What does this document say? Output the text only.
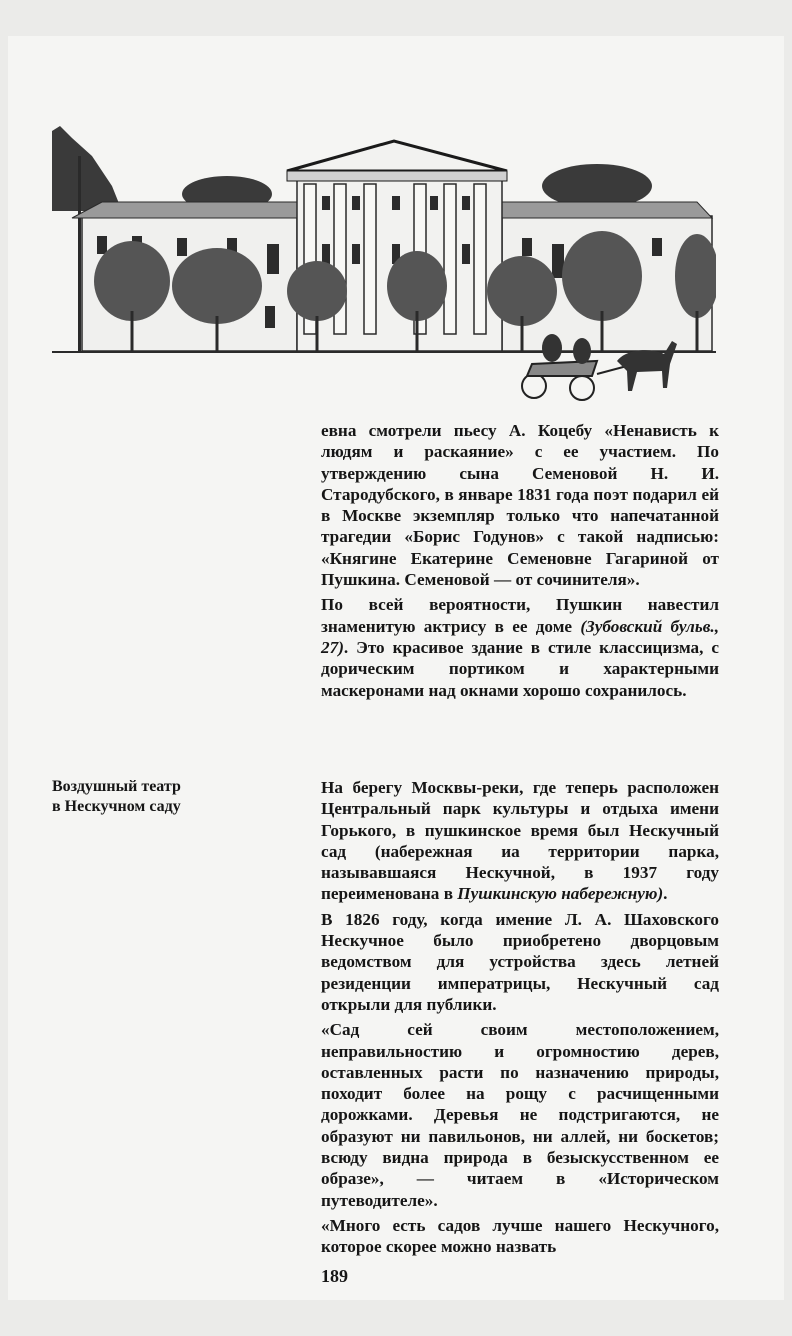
евна смотрели пьесу А. Коцебу «Ненависть к людям и раскаяние» с ее участием. По утверждению сына Семеновой Н. И. Стародубского, в январе 1831 года поэт подарил ей в Москве экземпляр только что напечатанной трагедии «Борис Годунов» с такой надписью: «Княгине Екатерине Семеновне Гагариной от Пушкина. Семеновой — от сочинителя».

По всей вероятности, Пушкин навестил знаменитую актрису в ее доме (Зубовский бульв., 27). Это красивое здание в стиле классицизма, с дорическим портиком и характерными маскеронами над окнами хорошо сохранилось.

Воздушный театр
в Нескучном саду

На берегу Москвы-реки, где теперь расположен Центральный парк культуры и отдыха имени Горького, в пушкинское время был Нескучный сад (набережная иа территории парка, называвшаяся Нескучной, в 1937 году переименована в Пушкинскую набережную).

В 1826 году, когда имение Л. А. Шаховского Нескучное было приобретено дворцовым ведомством для устройства здесь летней резиденции императрицы, Нескучный сад открыли для публики.

«Сад сей своим местоположением, неправильностию и огромностию дерев, оставленных расти по назначению природы, походит более на рощу с расчищенными дорожками. Деревья не подстригаются, не образуют ни павильонов, ни аллей, ни боскетов; всюду видна природа в безыскусственном ее образе», — читаем в «Историческом путеводителе».

«Много есть садов лучше нашего Нескучного, которое скорее можно назвать

189
